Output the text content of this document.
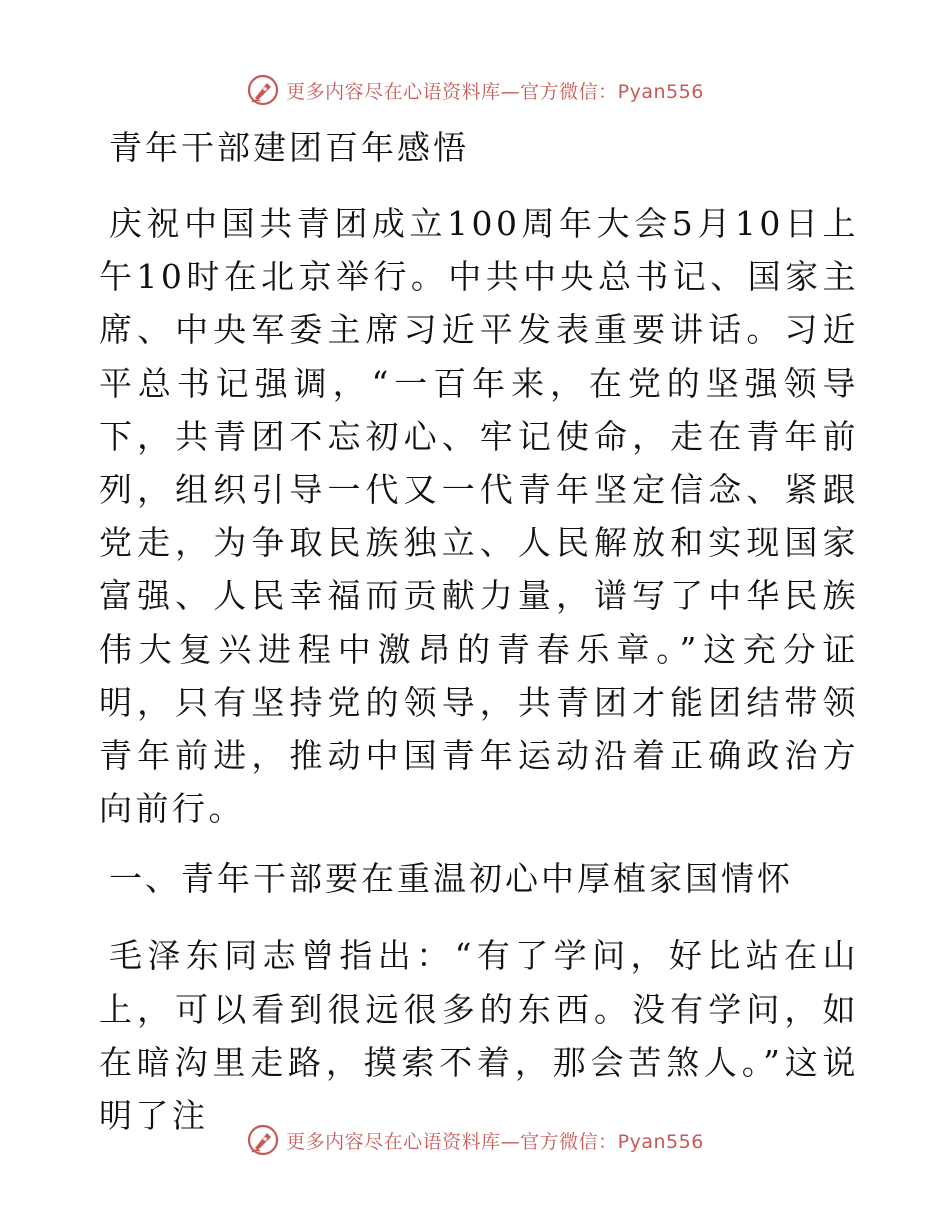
更多内容尽在心语资料库—官方微信：Pyan556
青年干部建团百年感悟

庆祝中国共青团成立100周年大会5月10日上午10时在北京举行。中共中央总书记、国家主席、中央军委主席习近平发表重要讲话。习近平总书记强调，“一百年来，在党的坚强领导下，共青团不忘初心、牢记使命，走在青年前列，组织引导一代又一代青年坚定信念、紧跟党走，为争取民族独立、人民解放和实现国家富强、人民幸福而贡献力量，谱写了中华民族伟大复兴进程中激昂的青春乐章。”这充分证明，只有坚持党的领导，共青团才能团结带领青年前进，推动中国青年运动沿着正确政治方向前行。

一、青年干部要在重温初心中厚植家国情怀

毛泽东同志曾指出：“有了学问，好比站在山上，可以看到很远很多的东西。没有学问，如在暗沟里走路，摸索不着，那会苦煞人。”这说明了注

更多内容尽在心语资料库—官方微信：Pyan556
